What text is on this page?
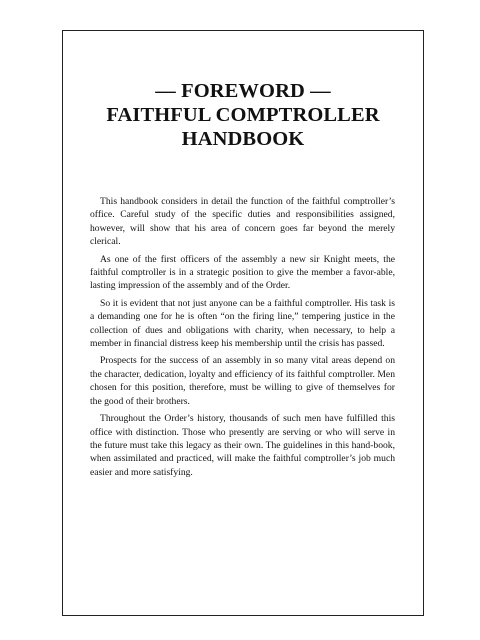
— FOREWORD —
FAITHFUL COMPTROLLER
HANDBOOK

This handbook considers in detail the function of the faithful comptroller’s office. Careful study of the specific duties and responsibilities assigned, however, will show that his area of concern goes far beyond the merely clerical.

As one of the first officers of the assembly a new sir Knight meets, the faithful comptroller is in a strategic position to give the member a favor-able, lasting impression of the assembly and of the Order.

So it is evident that not just anyone can be a faithful comptroller. His task is a demanding one for he is often “on the firing line,” tempering justice in the collection of dues and obligations with charity, when necessary, to help a member in financial distress keep his membership until the crisis has passed.

Prospects for the success of an assembly in so many vital areas depend on the character, dedication, loyalty and efficiency of its faithful comptroller. Men chosen for this position, therefore, must be willing to give of themselves for the good of their brothers.

Throughout the Order’s history, thousands of such men have fulfilled this office with distinction. Those who presently are serving or who will serve in the future must take this legacy as their own. The guidelines in this hand-book, when assimilated and practiced, will make the faithful comptroller’s job much easier and more satisfying.
